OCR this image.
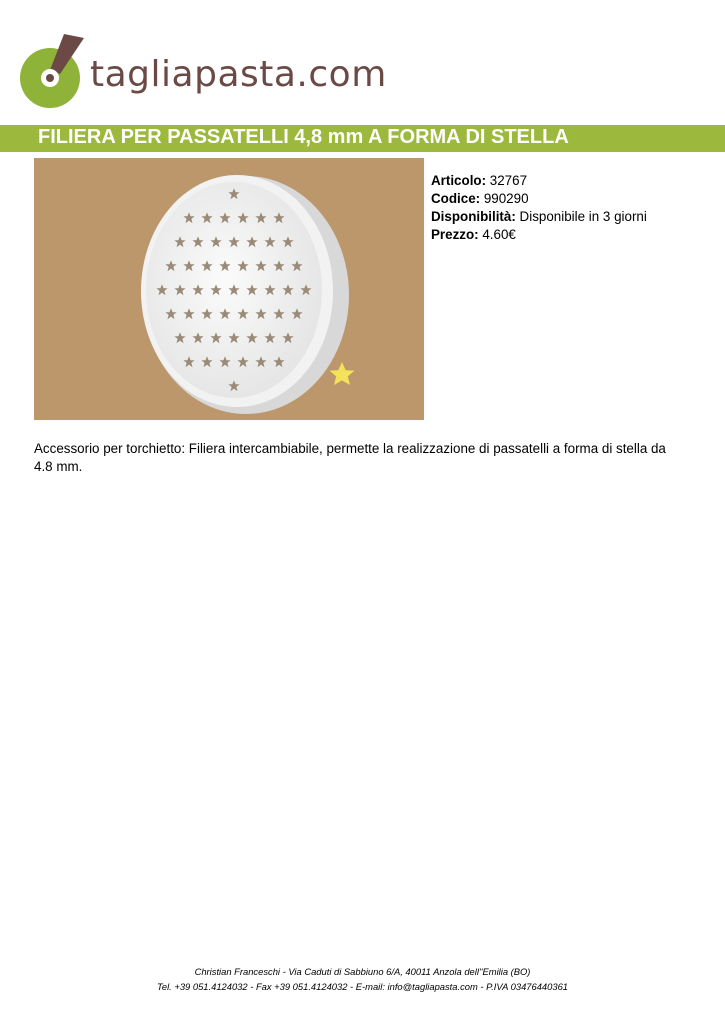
tagliapasta.com
FILIERA PER PASSATELLI 4,8 mm A FORMA DI STELLA
Articolo: 32767
Codice: 990290
Disponibilità: Disponibile in 3 giorni
Prezzo: 4.60€
Accessorio per torchietto: Filiera intercambiabile, permette la realizzazione di passatelli a forma di stella da 4.8 mm.
Christian Franceschi - Via Caduti di Sabbiuno 6/A, 40011 Anzola dell''Emilia (BO)
Tel. +39 051.4124032 - Fax +39 051.4124032 - E-mail: info@tagliapasta.com - P.IVA 03476440361
